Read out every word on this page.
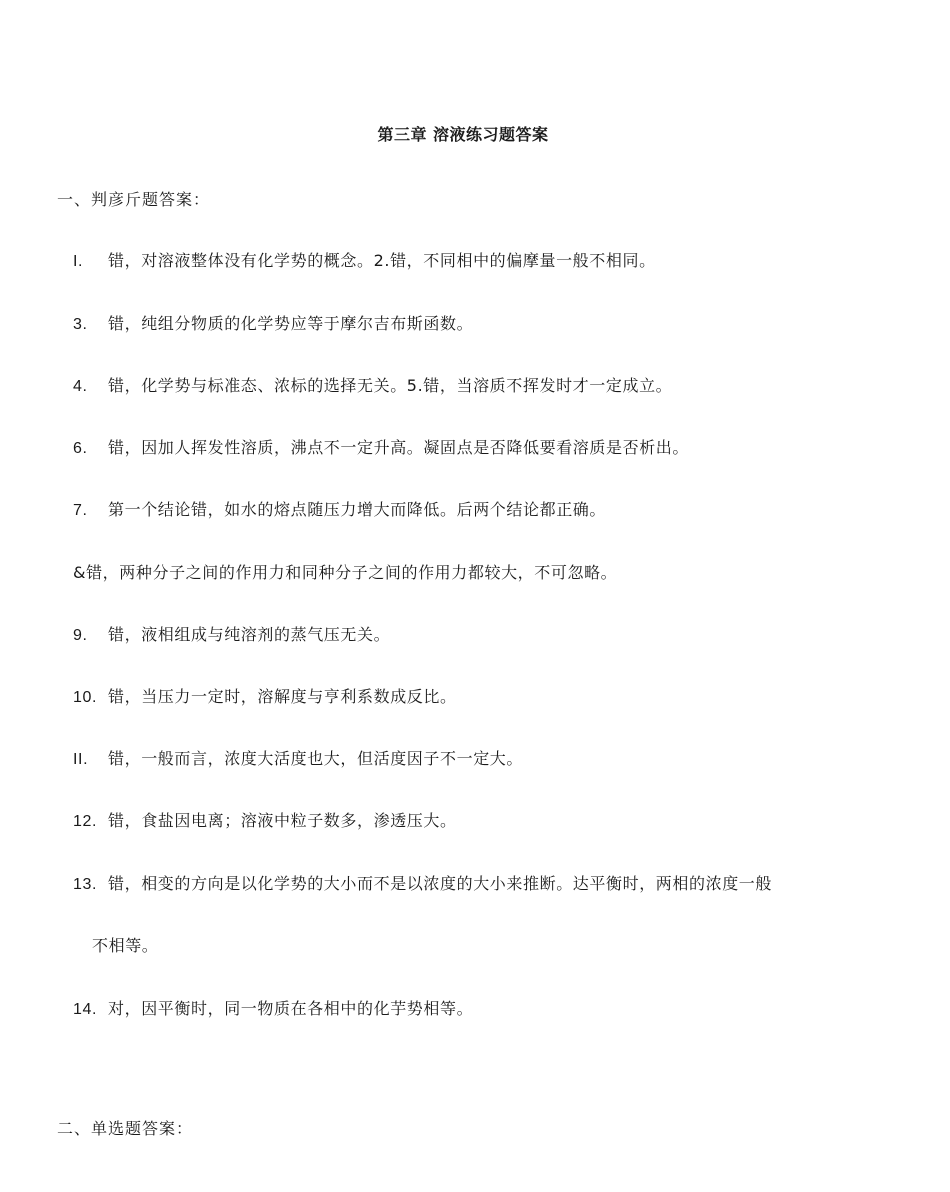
第三章 溶液练习题答案
一、判彦斤题答案：
I. 错，对溶液整体没有化学势的概念。2.错，不同相中的偏摩量一般不相同。
3. 错，纯组分物质的化学势应等于摩尔吉布斯函数。
4. 错，化学势与标准态、浓标的选择无关。5.错，当溶质不挥发时才一定成立。
6. 错，因加人挥发性溶质，沸点不一定升高。凝固点是否降低要看溶质是否析出。
7. 第一个结论错，如水的熔点随压力增大而降低。后两个结论都正确。
&错，两种分子之间的作用力和同种分子之间的作用力都较大，不可忽略。
9. 错，液相组成与纯溶剂的蒸气压无关。
10. 错，当压力一定时，溶解度与亨利系数成反比。
II. 错，一般而言，浓度大活度也大，但活度因子不一定大。
12. 错，食盐因电离；溶液中粒子数多，渗透压大。
13. 错，相变的方向是以化学势的大小而不是以浓度的大小来推断。达平衡时，两相的浓度一般
不相等。
14. 对，因平衡时，同一物质在各相中的化芋势相等。
二、单选题答案：
